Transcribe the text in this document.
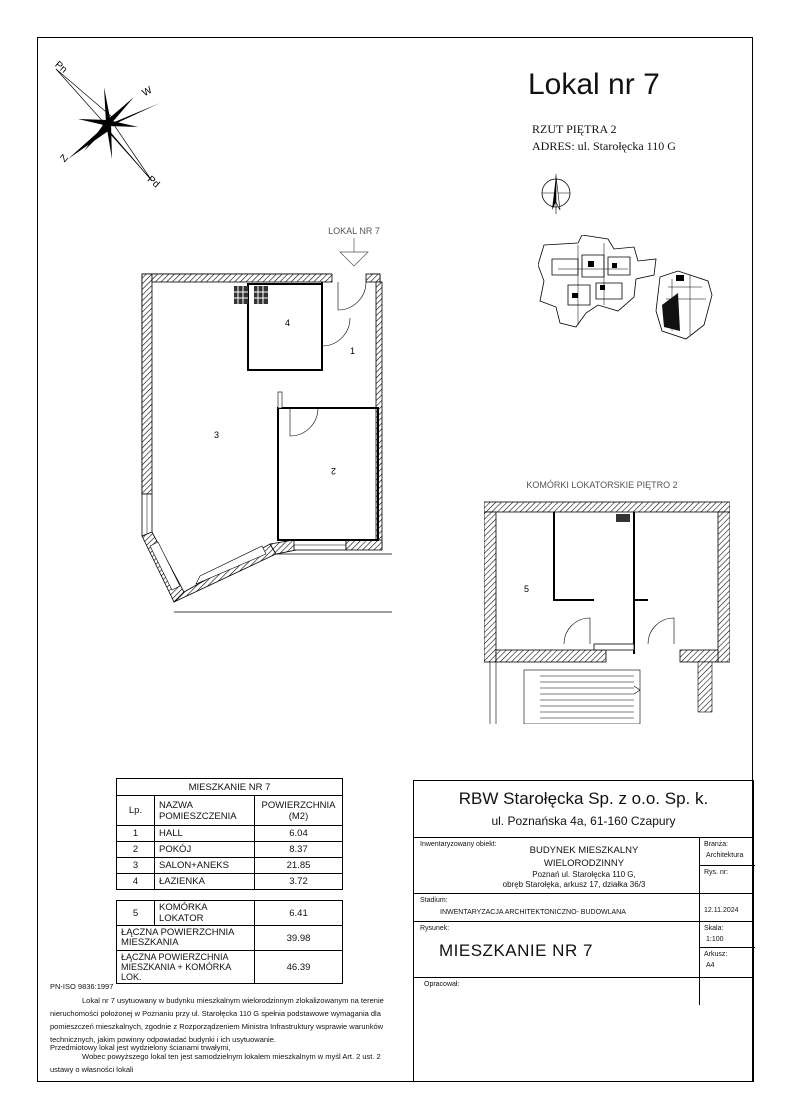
Pn
W
Z
Pd
Lokal nr 7
RZUT PIĘTRA 2
ADRES: ul. Starołęcka 110 G
LOKAL NR 7
4
1
3
2
KOMÓRKI LOKATORSKIE PIĘTRO 2
5
MIESZKANIE NR 7		
Lp.	NAZWA POMIESZCZENIA	POWIERZCHNIA (M2)
1	HALL	6.04
2	POKÓJ	8.37
3	SALON+ANEKS	21.85
4	ŁAZIENKA	3.72
5	KOMÓRKA LOKATOR	6.41
ŁĄCZNA POWIERZCHNIA MIESZKANIA	39.98
ŁĄCZNA POWIERZCHNIA MIESZKANIA + KOMÓRKA LOK.	46.39
PN-ISO 9836:1997
Lokal nr 7 usytuowany w budynku mieszkalnym wielorodzinnym zlokalizowanym na terenie nieruchomości położonej w Poznaniu przy ul. Starołęcka 110 G spełnia podstawowe wymagania dla pomieszczeń mieszkalnych, zgodnie z Rozporządzeniem Ministra Infrastruktury wsprawie warunków technicznych, jakim powinny odpowiadać budynki i ich usytuowanie.
Przedmiotowy lokal jest wydzielony ścianami trwałymi,
Wobec powyższego lokal ten jest samodzielnym lokalem mieszkalnym w myśl Art. 2 ust. 2 ustawy o własności lokali
RBW Starołęcka Sp. z o.o. Sp. k.
ul. Poznańska 4a, 61-160 Czapury
Inwentaryzowany obiekt:
BUDYNEK MIESZKALNY
WIELORODZINNY
Poznań ul. Starołęcka 110 G,
obręb Starołęka, arkusz 17, działka 36/3
Branża:
Architektura
Rys. nr:
Stadium:
INWENTARYZACJA ARCHITEKTONICZNO- BUDOWLANA	12.11.2024
Rysunek:
MIESZKANIE NR 7
Skala:
1:100
Arkusz:
A4
Opracował:
